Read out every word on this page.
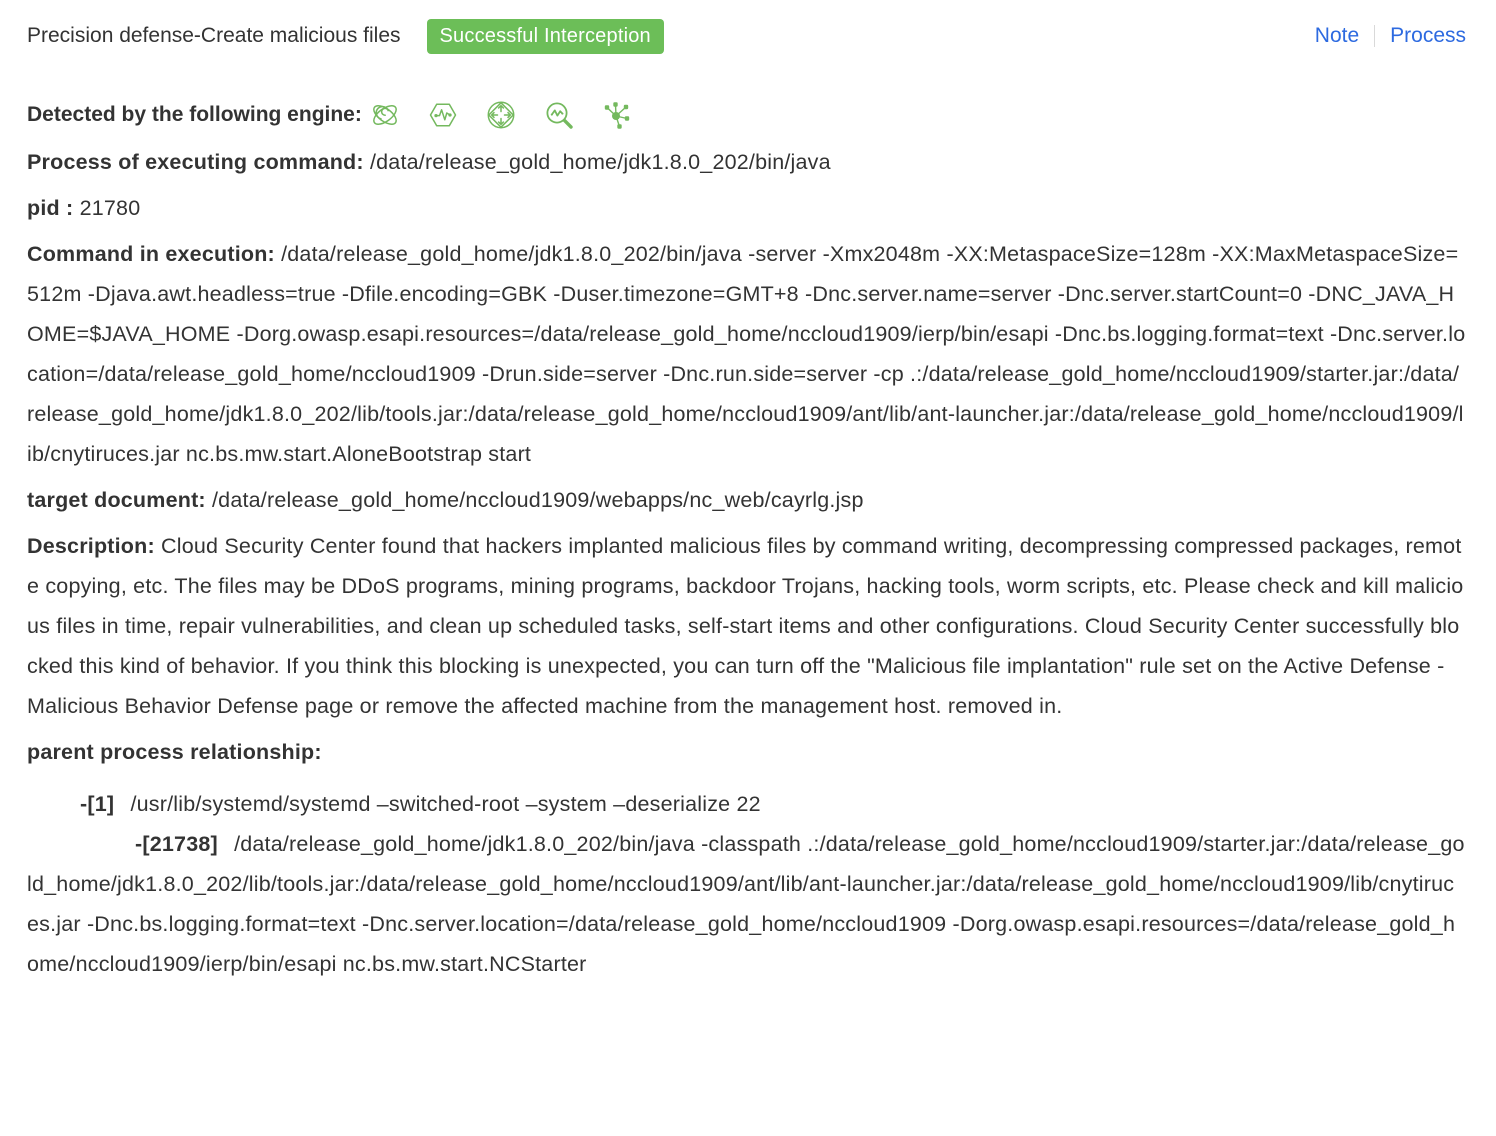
Precision defense-Create malicious files	Successful Interception	Note Process
Detected by the following engine:

Process of executing command: /data/release_gold_home/jdk1.8.0_202/bin/java

pid : 21780

Command in execution: /data/release_gold_home/jdk1.8.0_202/bin/java -server -Xmx2048m -XX:MetaspaceSize=128m -XX:MaxMetaspaceSize=512m -Djava.awt.headless=true -Dfile.encoding=GBK -Duser.timezone=GMT+8 -Dnc.server.name=server -Dnc.server.startCount=0 -DNC_JAVA_HOME=$JAVA_HOME -Dorg.owasp.esapi.resources=/data/release_gold_home/nccloud1909/ierp/bin/esapi -Dnc.bs.logging.format=text -Dnc.server.location=/data/release_gold_home/nccloud1909 -Drun.side=server -Dnc.run.side=server -cp .:/data/release_gold_home/nccloud1909/starter.jar:/data/release_gold_home/jdk1.8.0_202/lib/tools.jar:/data/release_gold_home/nccloud1909/ant/lib/ant-launcher.jar:/data/release_gold_home/nccloud1909/lib/cnytiruces.jar nc.bs.mw.start.AloneBootstrap start

target document: /data/release_gold_home/nccloud1909/webapps/nc_web/cayrlg.jsp

Description: Cloud Security Center found that hackers implanted malicious files by command writing, decompressing compressed packages, remote copying, etc. The files may be DDoS programs, mining programs, backdoor Trojans, hacking tools, worm scripts, etc. Please check and kill malicious files in time, repair vulnerabilities, and clean up scheduled tasks, self-start items and other configurations. Cloud Security Center successfully blocked this kind of behavior. If you think this blocking is unexpected, you can turn off the "Malicious file implantation" rule set on the Active Defense - Malicious Behavior Defense page or remove the affected machine from the management host. removed in.

parent process relationship:

-[1] /usr/lib/systemd/systemd –switched-root –system –deserialize 22

-[21738] /data/release_gold_home/jdk1.8.0_202/bin/java -classpath .:/data/release_gold_home/nccloud1909/starter.jar:/data/release_gold_home/jdk1.8.0_202/lib/tools.jar:/data/release_gold_home/nccloud1909/ant/lib/ant-launcher.jar:/data/release_gold_home/nccloud1909/lib/cnytiruces.jar -Dnc.bs.logging.format=text -Dnc.server.location=/data/release_gold_home/nccloud1909 -Dorg.owasp.esapi.resources=/data/release_gold_home/nccloud1909/ierp/bin/esapi nc.bs.mw.start.NCStarter
